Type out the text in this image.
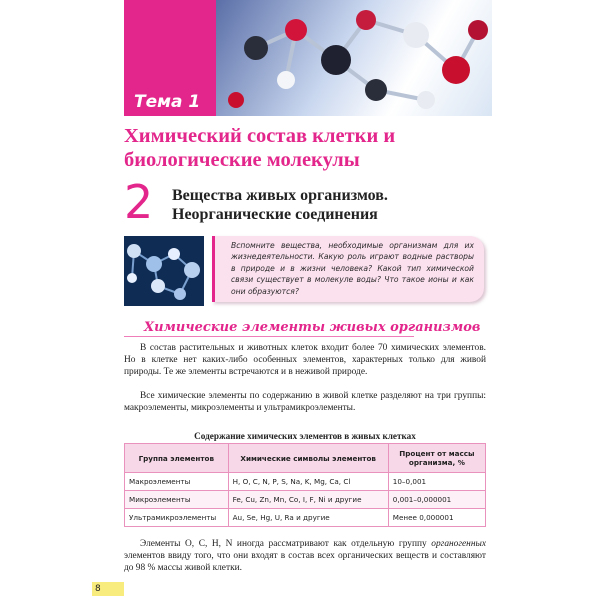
Тема 1
Химический состав клетки и биологические молекулы
2	Вещества живых организмов.
Неорганические соединения

Вспомните вещества, необходимые организмам для их жизнедеятельности. Какую роль играют водные растворы в природе и в жизни человека? Какой тип химической связи существует в молекуле воды? Что такое ионы и как они образуются?

Химические элементы живых организмов

В состав растительных и животных клеток входит более 70 химических элементов. Но в клетке нет каких-либо особенных элементов, характерных только для живой природы. Те же элементы встречаются и в неживой природе.

Все химические элементы по содержанию в живой клетке разделяют на три группы: макроэлементы, микроэлементы и ультрамикроэлементы.

Содержание химических элементов в живых клетках
Группа элементов	Химические символы элементов	Процент от массы организма, %
Макроэлементы	H, O, C, N, P, S, Na, K, Mg, Ca, Cl	10–0,001
Микроэлементы	Fe, Cu, Zn, Mn, Co, I, F, Ni и другие	0,001–0,000001
Ультрамикроэлементы	Au, Se, Hg, U, Ra и другие	Менее 0,000001

Элементы O, C, H, N иногда рассматривают как отдельную группу органогенных элементов ввиду того, что они входят в состав всех органических веществ и составляют до 98 % массы живой клетки.

8
